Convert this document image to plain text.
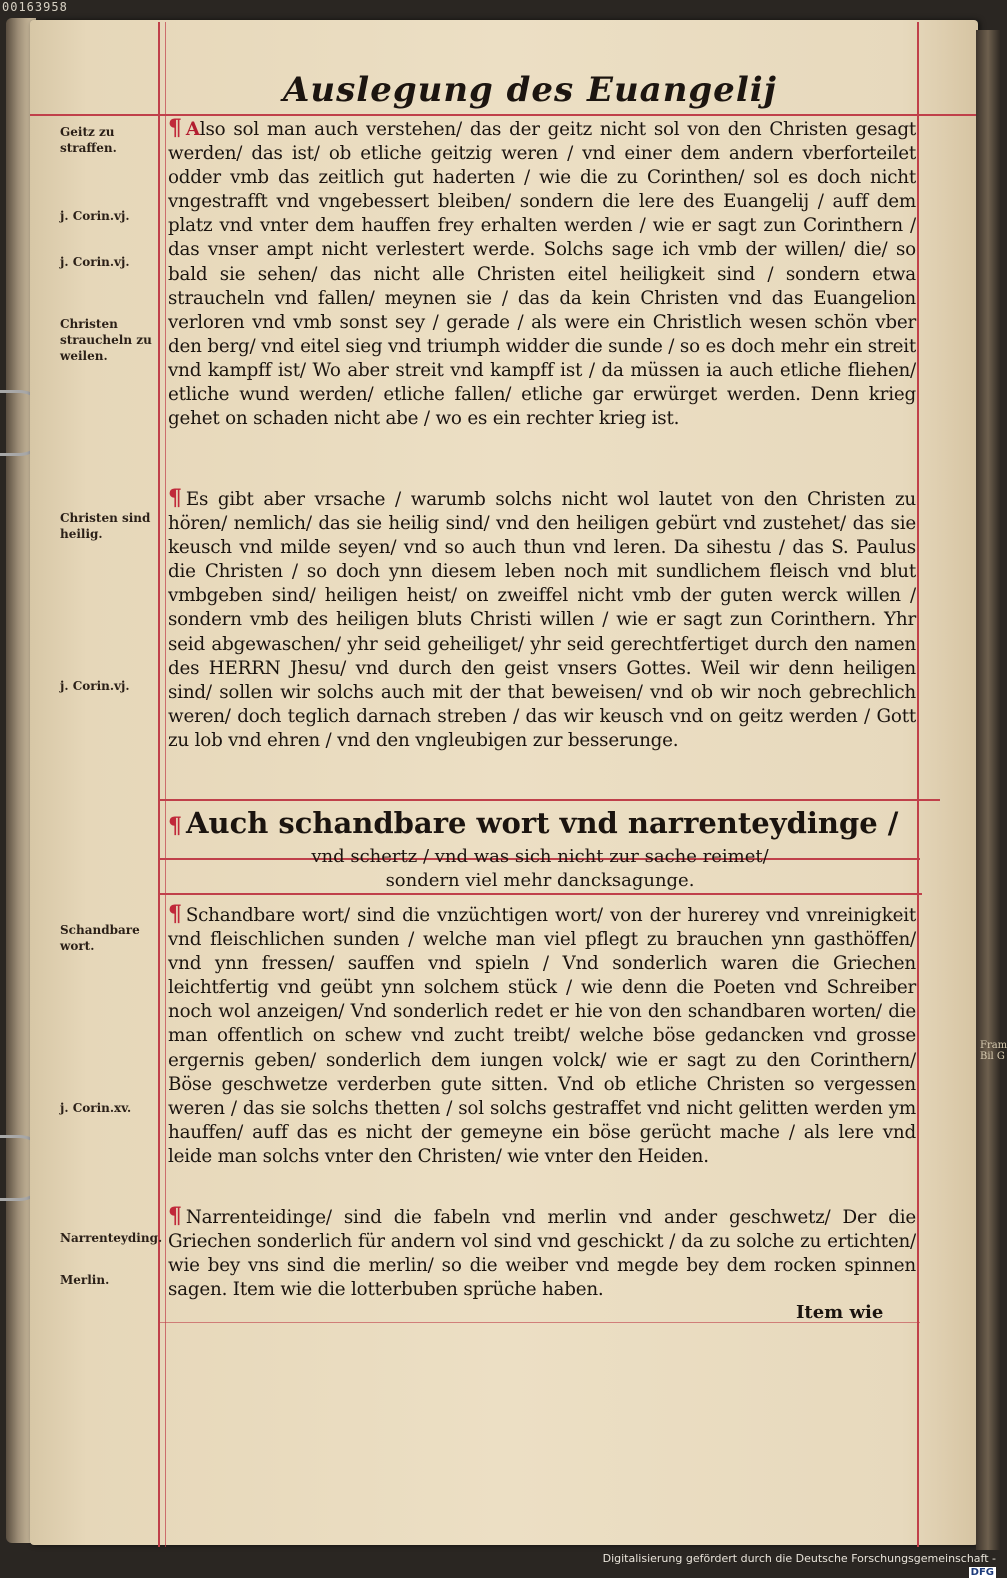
00163958
Fram Bil G
Auslegung des Euangelij
Geitz zu straffen.
j. Corin.vj.
j. Corin.vj.
Christen straucheln zu weilen.
Christen sind heilig.
j. Corin.vj.
Schandbare wort.
j. Corin.xv.
Narrenteyding.
Merlin.
¶ Also sol man auch verstehen/ das der geitz nicht sol von den Christen gesagt werden/ das ist/ ob etliche geitzig weren / vnd einer dem andern vberforteilet odder vmb das zeitlich gut haderten / wie die zu Corinthen/ sol es doch nicht vngestrafft vnd vngebessert bleiben/ sondern die lere des Euangelij / auff dem platz vnd vnter dem hauffen frey erhalten werden / wie er sagt zun Corinthern / das vnser ampt nicht verlestert werde. Solchs sage ich vmb der willen/ die/ so bald sie sehen/ das nicht alle Christen eitel heiligkeit sind / sondern etwa straucheln vnd fallen/ meynen sie / das da kein Christen vnd das Euangelion verloren vnd vmb sonst sey / gerade / als were ein Christlich wesen schön vber den berg/ vnd eitel sieg vnd triumph widder die sunde / so es doch mehr ein streit vnd kampff ist/ Wo aber streit vnd kampff ist / da müssen ia auch etliche fliehen/ etliche wund werden/ etliche fallen/ etliche gar erwürget werden. Denn krieg gehet on schaden nicht abe / wo es ein rechter krieg ist.
¶ Es gibt aber vrsache / warumb solchs nicht wol lautet von den Christen zu hören/ nemlich/ das sie heilig sind/ vnd den heiligen gebürt vnd zustehet/ das sie keusch vnd milde seyen/ vnd so auch thun vnd leren. Da sihestu / das S. Paulus die Christen / so doch ynn diesem leben noch mit sundlichem fleisch vnd blut vmbgeben sind/ heiligen heist/ on zweiffel nicht vmb der guten werck willen / sondern vmb des heiligen bluts Christi willen / wie er sagt zun Corinthern. Yhr seid abgewaschen/ yhr seid geheiliget/ yhr seid gerechtfertiget durch den namen des HERRN Jhesu/ vnd durch den geist vnsers Gottes. Weil wir denn heiligen sind/ sollen wir solchs auch mit der that beweisen/ vnd ob wir noch gebrechlich weren/ doch teglich darnach streben / das wir keusch vnd on geitz werden / Gott zu lob vnd ehren / vnd den vngleubigen zur besserunge.
¶ Auch schandbare wort vnd narrenteydinge /
vnd schertz / vnd was sich nicht zur sache reimet/
sondern viel mehr dancksagunge.
¶ Schandbare wort/ sind die vnzüchtigen wort/ von der hurerey vnd vnreinigkeit vnd fleischlichen sunden / welche man viel pflegt zu brauchen ynn gasthöffen/ vnd ynn fressen/ sauffen vnd spieln / Vnd sonderlich waren die Griechen leichtfertig vnd geübt ynn solchem stück / wie denn die Poeten vnd Schreiber noch wol anzeigen/ Vnd sonderlich redet er hie von den schandbaren worten/ die man offentlich on schew vnd zucht treibt/ welche böse gedancken vnd grosse ergernis geben/ sonderlich dem iungen volck/ wie er sagt zu den Corinthern/ Böse geschwetze verderben gute sitten. Vnd ob etliche Christen so vergessen weren / das sie solchs thetten / sol solchs gestraffet vnd nicht gelitten werden ym hauffen/ auff das es nicht der gemeyne ein böse gerücht mache / als lere vnd leide man solchs vnter den Christen/ wie vnter den Heiden.
¶ Narrenteidinge/ sind die fabeln vnd merlin vnd ander geschwetz/ Der die Griechen sonderlich für andern vol sind vnd geschickt / da zu solche zu ertichten/ wie bey vns sind die merlin/ so die weiber vnd megde bey dem rocken spinnen sagen. Item wie die lotterbuben sprüche haben.
Item wie
Digitalisierung gefördert durch die Deutsche Forschungsgemeinschaft -DFG
